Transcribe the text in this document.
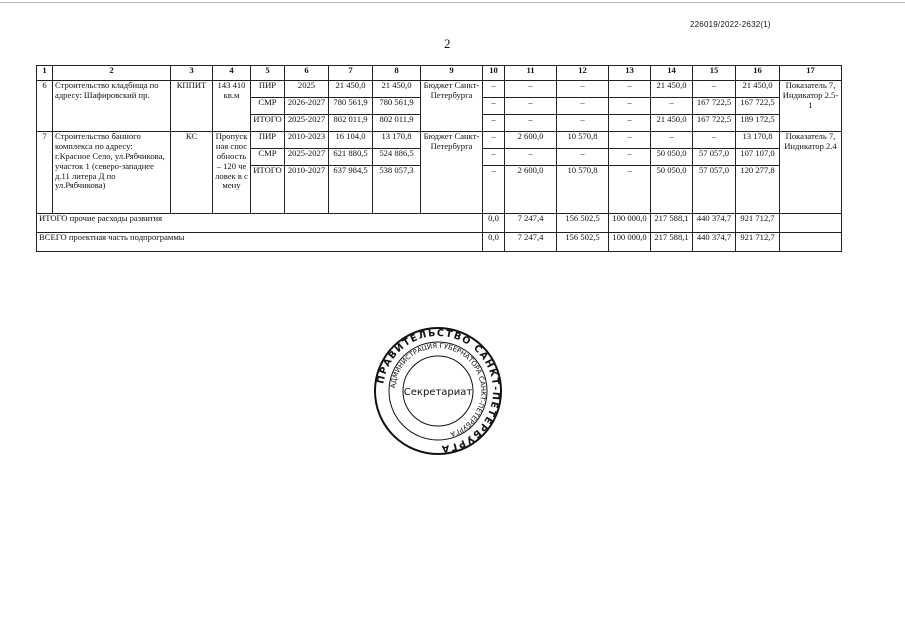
226019/2022-2632(1)
2
1	2	3	4	5	6	7	8	9	10	11	12	13	14	15	16	17
6	Строительство кладбища по адресу: Шафировский пр.	КППИТ	143 410 кв.м	ПИР	2025	21 450,0	21 450,0	Бюджет Санкт-Петербурга	–	–	–	–	21 450,0	–	21 450,0	Показатель 7, Индикатор 2.5-1
				СМР	2026-2027	780 561,9	780 561,9		–	–	–	–	–	167 722,5	167 722,5	
				ИТОГО	2025-2027	802 011,9	802 011,9		–	–	–	–	21 450,0	167 722,5	189 172,5	
7	Строительство банного комплекса по адресу: г.Красное Село, ул.Рябчикова, участок 1 (северо-западнее д.11 литера Д по ул.Рябчикова)	КС	Пропускная способность – 120 человек в смену	ПИР	2010-2023	16 104,0	13 170,8	Бюджет Санкт-Петербурга	–	2 600,0	10 570,8	–	–	–	13 170,8	Показатель 7, Индикатор 2.4
				СМР	2025-2027	621 880,5	524 886,5		–	–	–	–	50 050,0	57 057,0	107 107,0	
				ИТОГО	2010-2027	637 984,5	538 057,3		–	2 600,0	10 570,8	–	50 050,0	57 057,0	120 277,8	
ИТОГО прочие расходы развития									0,0	7 247,4	156 502,5	100 000,0	217 588,1	440 374,7	921 712,7	
ВСЕГО проектная часть подпрограммы									0,0	7 247,4	156 502,5	100 000,0	217 588,1	440 374,7	921 712,7	
ПРАВИТЕЛЬСТВО САНКТ-ПЕТЕРБУРГА
АДМИНИСТРАЦИЯ ГУБЕРНАТОРА САНКТ-ПЕТЕРБУРГА
Секретариат
